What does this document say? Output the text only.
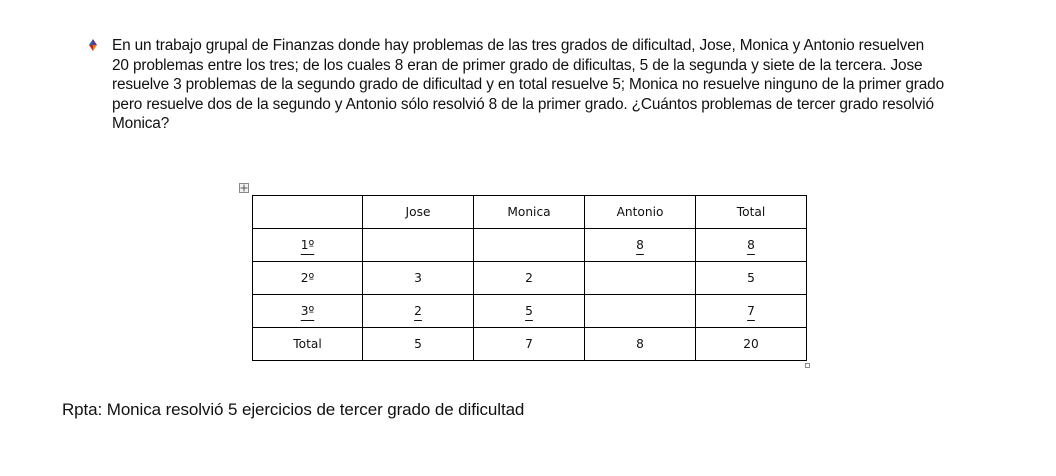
En un trabajo grupal de Finanzas donde hay problemas de las tres grados de dificultad, Jose, Monica y Antonio resuelven
20 problemas entre los tres; de los cuales 8 eran de primer grado de dificultas, 5 de la segunda y siete de la tercera. Jose
resuelve 3 problemas de la segundo grado de dificultad y en total resuelve 5; Monica no resuelve ninguno de la primer grado
pero resuelve dos de la segundo y Antonio sólo resolvió 8 de la primer grado. ¿Cuántos problemas de tercer grado resolvió
Monica?
	Jose	Monica	Antonio	Total
1º			8	8
2º	3	2		5
3º	2	5		7
Total	5	7	8	20
Rpta: Monica resolvió 5 ejercicios de tercer grado de dificultad
